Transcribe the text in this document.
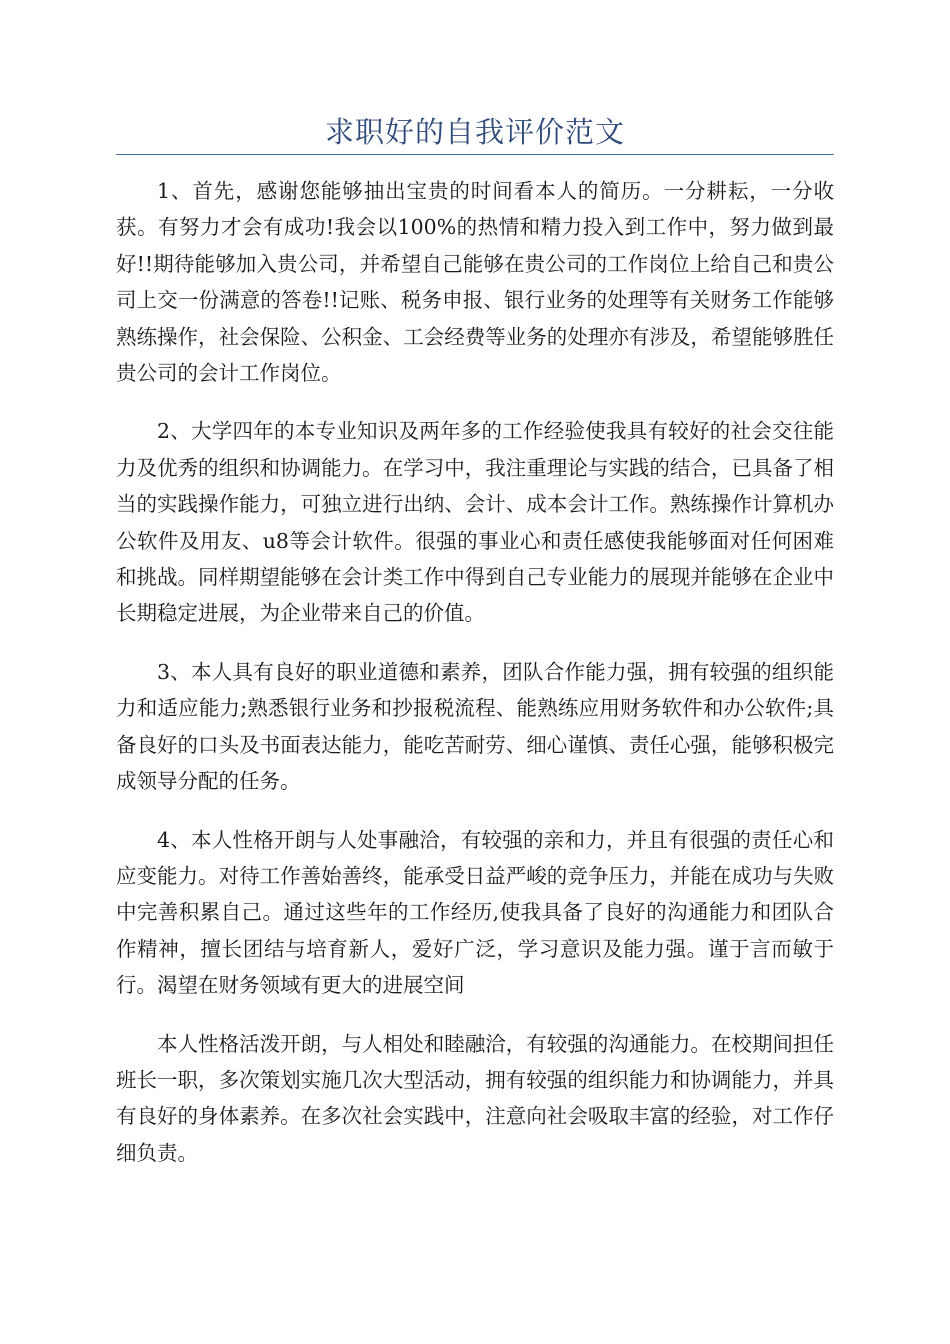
求职好的自我评价范文

1、首先，感谢您能够抽出宝贵的时间看本人的简历。一分耕耘，一分收获。有努力才会有成功!我会以100%的热情和精力投入到工作中，努力做到最好!!期待能够加入贵公司，并希望自己能够在贵公司的工作岗位上给自己和贵公司上交一份满意的答卷!!记账、税务申报、银行业务的处理等有关财务工作能够熟练操作，社会保险、公积金、工会经费等业务的处理亦有涉及，希望能够胜任贵公司的会计工作岗位。

2、大学四年的本专业知识及两年多的工作经验使我具有较好的社会交往能力及优秀的组织和协调能力。在学习中，我注重理论与实践的结合，已具备了相当的实践操作能力，可独立进行出纳、会计、成本会计工作。熟练操作计算机办公软件及用友、u8等会计软件。很强的事业心和责任感使我能够面对任何困难和挑战。同样期望能够在会计类工作中得到自己专业能力的展现并能够在企业中长期稳定进展，为企业带来自己的价值。

3、本人具有良好的职业道德和素养，团队合作能力强，拥有较强的组织能力和适应能力;熟悉银行业务和抄报税流程、能熟练应用财务软件和办公软件;具备良好的口头及书面表达能力，能吃苦耐劳、细心谨慎、责任心强，能够积极完成领导分配的任务。

4、本人性格开朗与人处事融洽，有较强的亲和力，并且有很强的责任心和应变能力。对待工作善始善终，能承受日益严峻的竞争压力，并能在成功与失败中完善积累自己。通过这些年的工作经历,使我具备了良好的沟通能力和团队合作精神，擅长团结与培育新人，爱好广泛，学习意识及能力强。谨于言而敏于行。渴望在财务领域有更大的进展空间

本人性格活泼开朗，与人相处和睦融洽，有较强的沟通能力。在校期间担任班长一职，多次策划实施几次大型活动，拥有较强的组织能力和协调能力，并具有良好的身体素养。在多次社会实践中，注意向社会吸取丰富的经验，对工作仔细负责。
